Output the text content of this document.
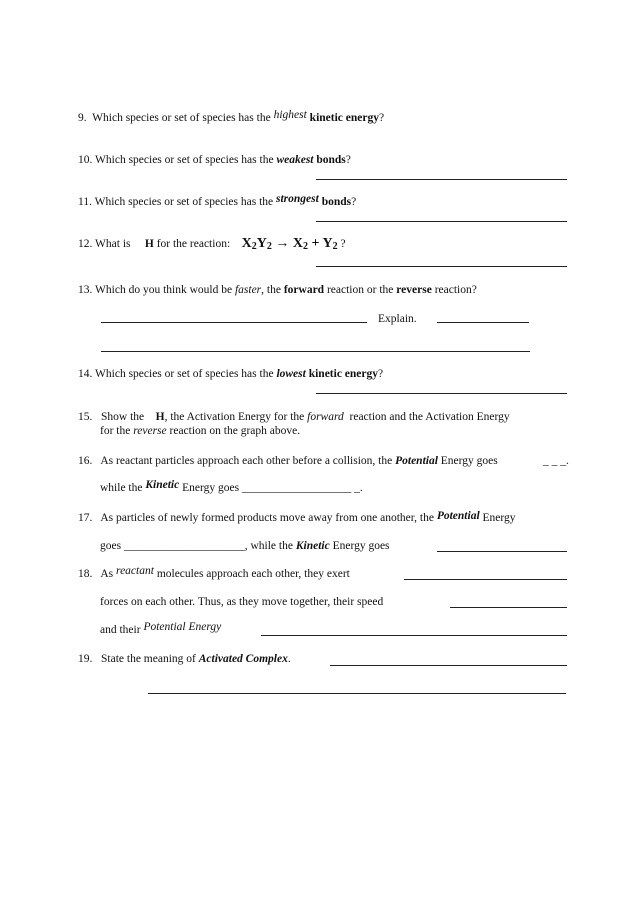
9. Which species or set of species has the highest kinetic energy?
10. Which species or set of species has the weakest bonds?
11. Which species or set of species has the strongest bonds?
12. What is H for the reaction: $X_2Y_2 \to X_2 + Y_2$ ?
13. Which do you think would be faster, the forward reaction or the reverse reaction?
Explain.
14. Which species or set of species has the lowest kinetic energy?
15. Show the H, the Activation Energy for the forward reaction and the Activation Energy
for the reverse reaction on the graph above.
16. As reactant particles approach each other before a collision, the Potential Energy goes	_ _ _.
while the Kinetic Energy goes ___________________ _.
17. As particles of newly formed products move away from one another, the Potential Energy
goes _____________________, while the Kinetic Energy goes
18. As reactant molecules approach each other, they exert
forces on each other. Thus, as they move together, their speed
and their Potential Energy
19. State the meaning of Activated Complex.
